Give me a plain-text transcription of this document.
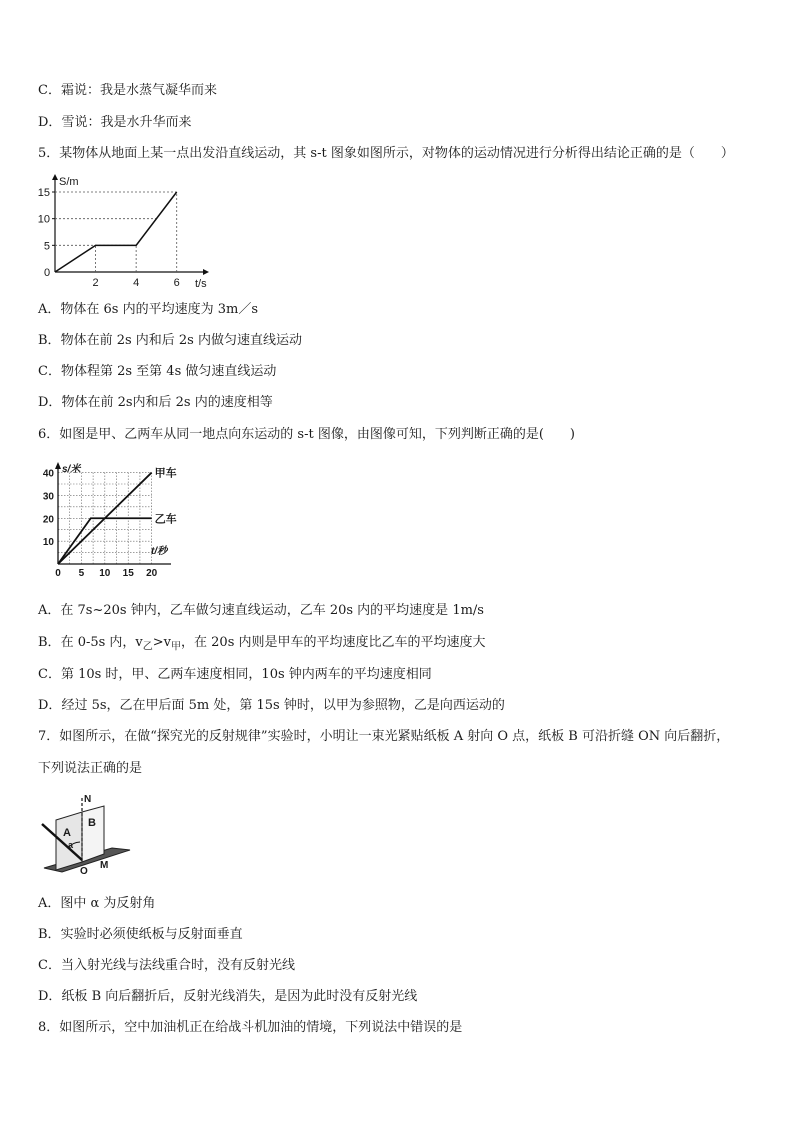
C．霜说：我是水蒸气凝华而来
D．雪说：我是水升华而来
5．某物体从地面上某一点出发沿直线运动，其 s-t 图象如图所示，对物体的运动情况进行分析得出结论正确的是（　　）
S/m
t/s
0
5
10
15
2	4	6
A．物体在 6s 内的平均速度为 3m／s
B．物体在前 2s 内和后 2s 内做匀速直线运动
C．物体程第 2s 至第 4s 做匀速直线运动
D．物体在前 2s内和后 2s 内的速度相等
6．如图是甲、乙两车从同一地点向东运动的 s-t 图像，由图像可知，下列判断正确的是(　　)
s/米
t/秒
10
20
30
40
0 5 10 15 20
甲车
乙车
A．在 7s~20s 钟内，乙车做匀速直线运动，乙车 20s 内的平均速度是 1m/s
B．在 0-5s 内，$v_乙>v_甲$，在 20s 内则是甲车的平均速度比乙车的平均速度大
C．第 10s 时，甲、乙两车速度相同，10s 钟内两车的平均速度相同
D．经过 5s，乙在甲后面 5m 处，第 15s 钟时，以甲为参照物，乙是向西运动的
7．如图所示，在做“探究光的反射规律”实验时，小明让一束光紧贴纸板 A 射向 O 点，纸板 B 可沿折缝 ON 向后翻折，
下列说法正确的是
N
A
B
a
O
M
A．图中 α 为反射角
B．实验时必须使纸板与反射面垂直
C．当入射光线与法线重合时，没有反射光线
D．纸板 B 向后翻折后，反射光线消失，是因为此时没有反射光线
8．如图所示，空中加油机正在给战斗机加油的情境，下列说法中错误的是
